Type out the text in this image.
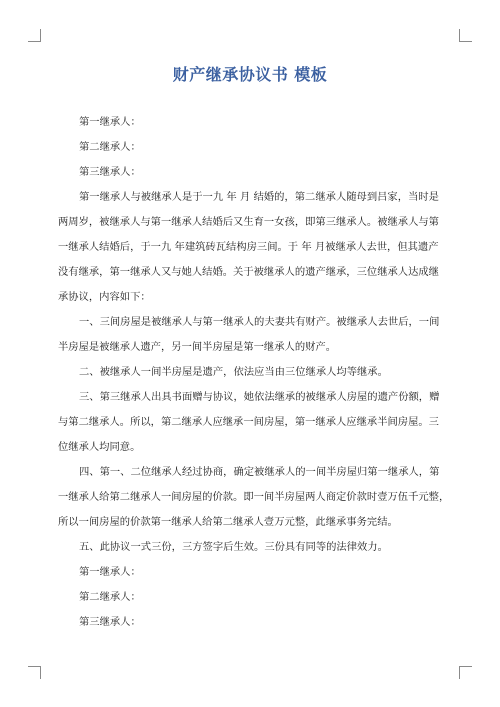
财产继承协议书 模板
第一继承人：
第二继承人：
第三继承人：
第一继承人与被继承人是于一九 年 月 结婚的，第二继承人随母到吕家，当时是
两周岁，被继承人与第一继承人结婚后又生育一女孩，即第三继承人。被继承人与第
一继承人结婚后，于一九 年建筑砖瓦结构房三间。于 年 月被继承人去世，但其遗产
没有继承，第一继承人又与她人结婚。关于被继承人的遗产继承，三位继承人达成继
承协议，内容如下：
一、三间房屋是被继承人与第一继承人的夫妻共有财产。被继承人去世后，一间
半房屋是被继承人遗产，另一间半房屋是第一继承人的财产。
二、被继承人一间半房屋是遗产，依法应当由三位继承人均等继承。
三、第三继承人出具书面赠与协议，她依法继承的被继承人房屋的遗产份额，赠
与第二继承人。所以，第二继承人应继承一间房屋，第一继承人应继承半间房屋。三
位继承人均同意。
四、第一、二位继承人经过协商，确定被继承人的一间半房屋归第一继承人，第
一继承人给第二继承人一间房屋的价款。即一间半房屋两人商定价款时壹万伍千元整，
所以一间房屋的价款第一继承人给第二继承人壹万元整，此继承事务完结。
五、此协议一式三份，三方签字后生效。三份具有同等的法律效力。
第一继承人：
第二继承人：
第三继承人：
